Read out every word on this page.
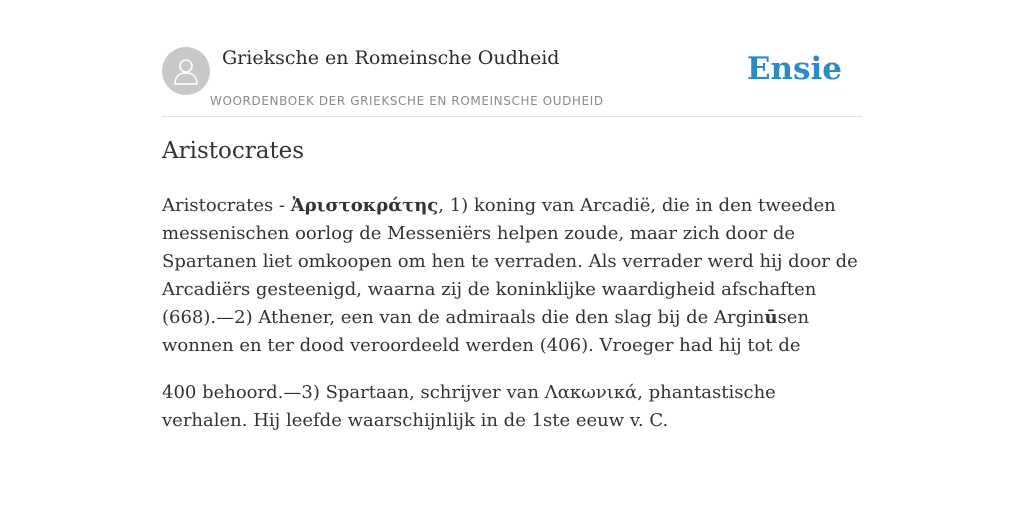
Grieksche en Romeinsche Oudheid
WOORDENBOEK DER GRIEKSCHE EN ROMEINSCHE OUDHEID
Ensie
Aristocrates

Aristocrates - Ἀριστοκράτης, 1) koning van Arcadië, die in den tweeden messenischen oorlog de Messeniërs helpen zoude, maar zich door de Spartanen liet omkoopen om hen te verraden. Als verrader werd hij door de Arcadiërs gesteenigd, waarna zij de koninklijke waardigheid afschaften (668).—2) Athener, een van de admiraals die den slag bij de Arginūsen wonnen en ter dood veroordeeld werden (406). Vroeger had hij tot de

400 behoord.—3) Spartaan, schrijver van Λακωνικά, phantastische verhalen. Hij leefde waarschijnlijk in de 1ste eeuw v. C.
